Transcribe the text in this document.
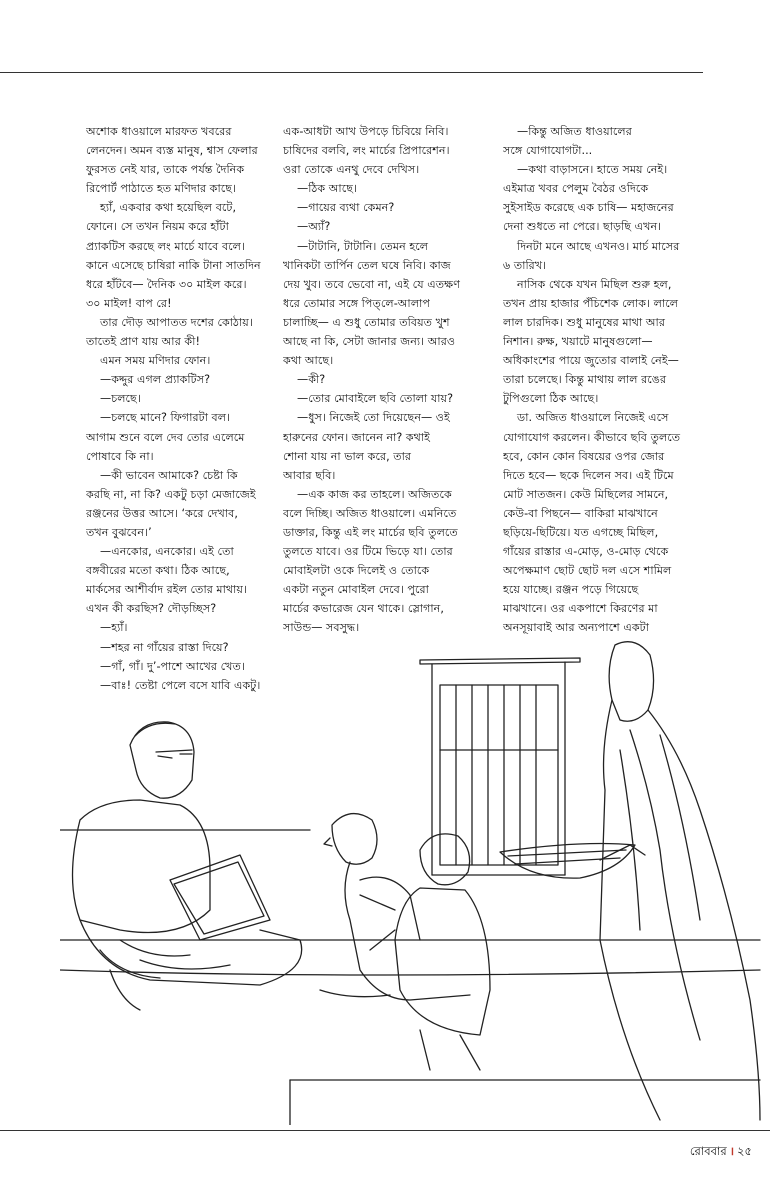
অশোক ধাওয়ালে মারফত খবরের

লেনদেন। অমন ব্যস্ত মানুষ, শ্বাস ফেলার

ফুরসত নেই যার, তাকে পর্যন্ত দৈনিক

রিপোর্ট পাঠাতে হত মণিদার কাছে।

হ্যাঁ, একবার কথা হয়েছিল বটে,

ফোনে। সে তখন নিয়ম করে হাঁটা

প্র্যাকটিস করছে লং মার্চে যাবে বলে।

কানে এসেছে চাষিরা নাকি টানা সাতদিন

ধরে হাঁটবে— দৈনিক ৩০ মাইল করে।

৩০ মাইল! বাপ রে!

তার দৌড় আপাতত দশের কোঠায়।

তাতেই প্রাণ যায় আর কী!

এমন সময় মণিদার ফোন।

—কদ্দুর এগল প্র্যাকটিস?

—চলছে।

—চলছে মানে? ফিগারটা বল।

আগাম শুনে বলে দেব তোর এলেমে

পোষাবে কি না।

—কী ভাবেন আমাকে? চেষ্টা কি

করছি না, না কি? একটু চড়া মেজাজেই

রঞ্জনের উত্তর আসে। ‘করে দেখাব,

তখন বুঝবেন।’

—এনকোর, এনকোর। এই তো

বঙ্গবীরের মতো কথা। ঠিক আছে,

মার্কসের আশীর্বাদ রইল তোর মাথায়।

এখন কী করছিস? দৌড়চ্ছিস?

—হ্যাঁ।

—শহর না গাঁয়ের রাস্তা দিয়ে?

—গাঁ, গাঁ। দু’-পাশে আখের খেত।

—বাঃ! তেষ্টা পেলে বসে যাবি একটু।

এক-আধটা আখ উপড়ে চিবিয়ে নিবি।

চাষিদের বলবি, লং মার্চের প্রিপারেশন।

ওরা তোকে এনথু দেবে দেখিস।

—ঠিক আছে।

—গায়ের ব্যথা কেমন?

—অ্যাঁ?

—টাটানি, টাটানি। তেমন হলে

খানিকটা তার্পিন তেল ঘষে নিবি। কাজ

দেয় খুব। তবে ভেবো না, এই যে এতক্ষণ

ধরে তোমার সঙ্গে পিত্‌লে-আলাপ

চালাচ্ছি— এ শুধু তোমার তবিয়ত খুশ

আছে না কি, সেটা জানার জন্য। আরও

কথা আছে।

—কী?

—তোর মোবাইলে ছবি তোলা যায়?

—ধুস। নিজেই তো দিয়েছেন— ওই

হারুনের ফোন। জানেন না? কথাই

শোনা যায় না ভাল করে, তার

আবার ছবি।

—এক কাজ কর তাহলে। অজিতকে

বলে দিচ্ছি। অজিত ধাওয়ালে। এমনিতে

ডাক্তার, কিন্তু এই লং মার্চের ছবি তুলতে

তুলতে যাবে। ওর টিমে ভিড়ে যা। তোর

মোবাইলটা ওকে দিলেই ও তোকে

একটা নতুন মোবাইল দেবে। পুরো

মার্চের কভারেজ যেন থাকে। স্লোগান,

সাউন্ড— সবসুদ্ধ।

—কিন্তু অজিত ধাওয়ালের

সঙ্গে যোগাযোগটা...

—কথা বাড়াসনে। হাতে সময় নেই।

এইমাত্র খবর পেলুম বৈঠর ওদিকে

সুইসাইড করেছে এক চাষি— মহাজনের

দেনা শুধতে না পেরে। ছাড়ছি এখন।

দিনটা মনে আছে এখনও। মার্চ মাসের

৬ তারিখ।

নাসিক থেকে যখন মিছিল শুরু হল,

তখন প্রায় হাজার পঁচিশেক লোক। লালে

লাল চারদিক। শুধু মানুষের মাথা আর

নিশান। রুক্ষ, খয়াটে মানুষগুলো—

অধিকাংশের পায়ে জুতোর বালাই নেই—

তারা চলেছে। কিন্তু মাথায় লাল রঙের

টুপিগুলো ঠিক আছে।

ডা. অজিত ধাওয়ালে নিজেই এসে

যোগাযোগ করলেন। কীভাবে ছবি তুলতে

হবে, কোন কোন বিষয়ের ওপর জোর

দিতে হবে— ছকে দিলেন সব। এই টিমে

মোট সাতজন। কেউ মিছিলের সামনে,

কেউ-বা পিছনে— বাকিরা মাঝখানে

ছড়িয়ে-ছিটিয়ে। যত এগচ্ছে মিছিল,

গাঁয়ের রাস্তার এ-মোড়, ও-মোড় থেকে

অপেক্ষমাণ ছোট ছোট দল এসে শামিল

হয়ে যাচ্ছে। রঞ্জন পড়ে গিয়েছে

মাঝখানে। ওর একপাশে কিরণের মা

অনসূয়াবাই আর অন্যপাশে একটা

রোববার । ২৫
